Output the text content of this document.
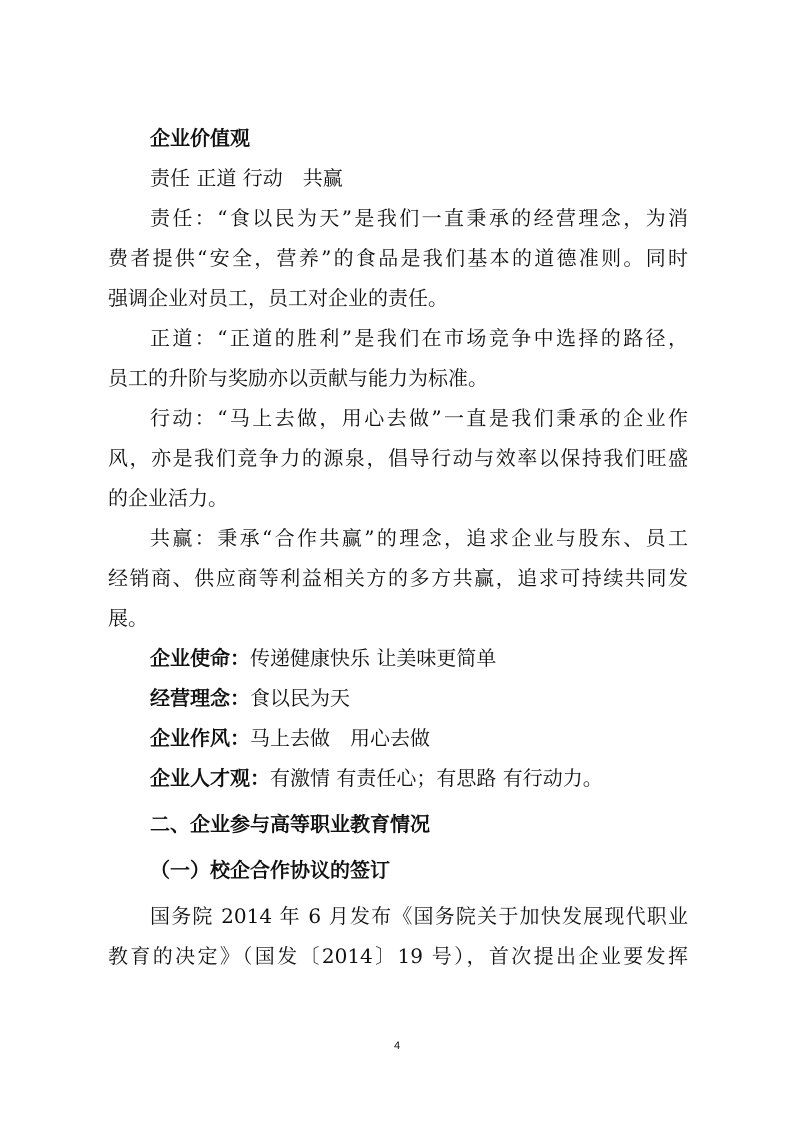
企业价值观
责任 正道 行动　共赢
责任：“食以民为天”是我们一直秉承的经营理念，为消
费者提供“安全，营养”的食品是我们基本的道德准则。同时
强调企业对员工，员工对企业的责任。
正道：“正道的胜利”是我们在市场竞争中选择的路径，
员工的升阶与奖励亦以贡献与能力为标准。
行动：“马上去做，用心去做”一直是我们秉承的企业作
风，亦是我们竞争力的源泉，倡导行动与效率以保持我们旺盛
的企业活力。
共赢：秉承“合作共赢”的理念，追求企业与股东、员工
经销商、供应商等利益相关方的多方共赢，追求可持续共同发
展。
企业使命：传递健康快乐 让美味更简单
经营理念：食以民为天
企业作风：马上去做　用心去做
企业人才观：有激情 有责任心；有思路 有行动力。
二、企业参与高等职业教育情况
（一）校企合作协议的签订
国务院 2014 年 6 月发布《国务院关于加快发展现代职业
教育的决定》（国发〔2014〕19 号），首次提出企业要发挥
4
